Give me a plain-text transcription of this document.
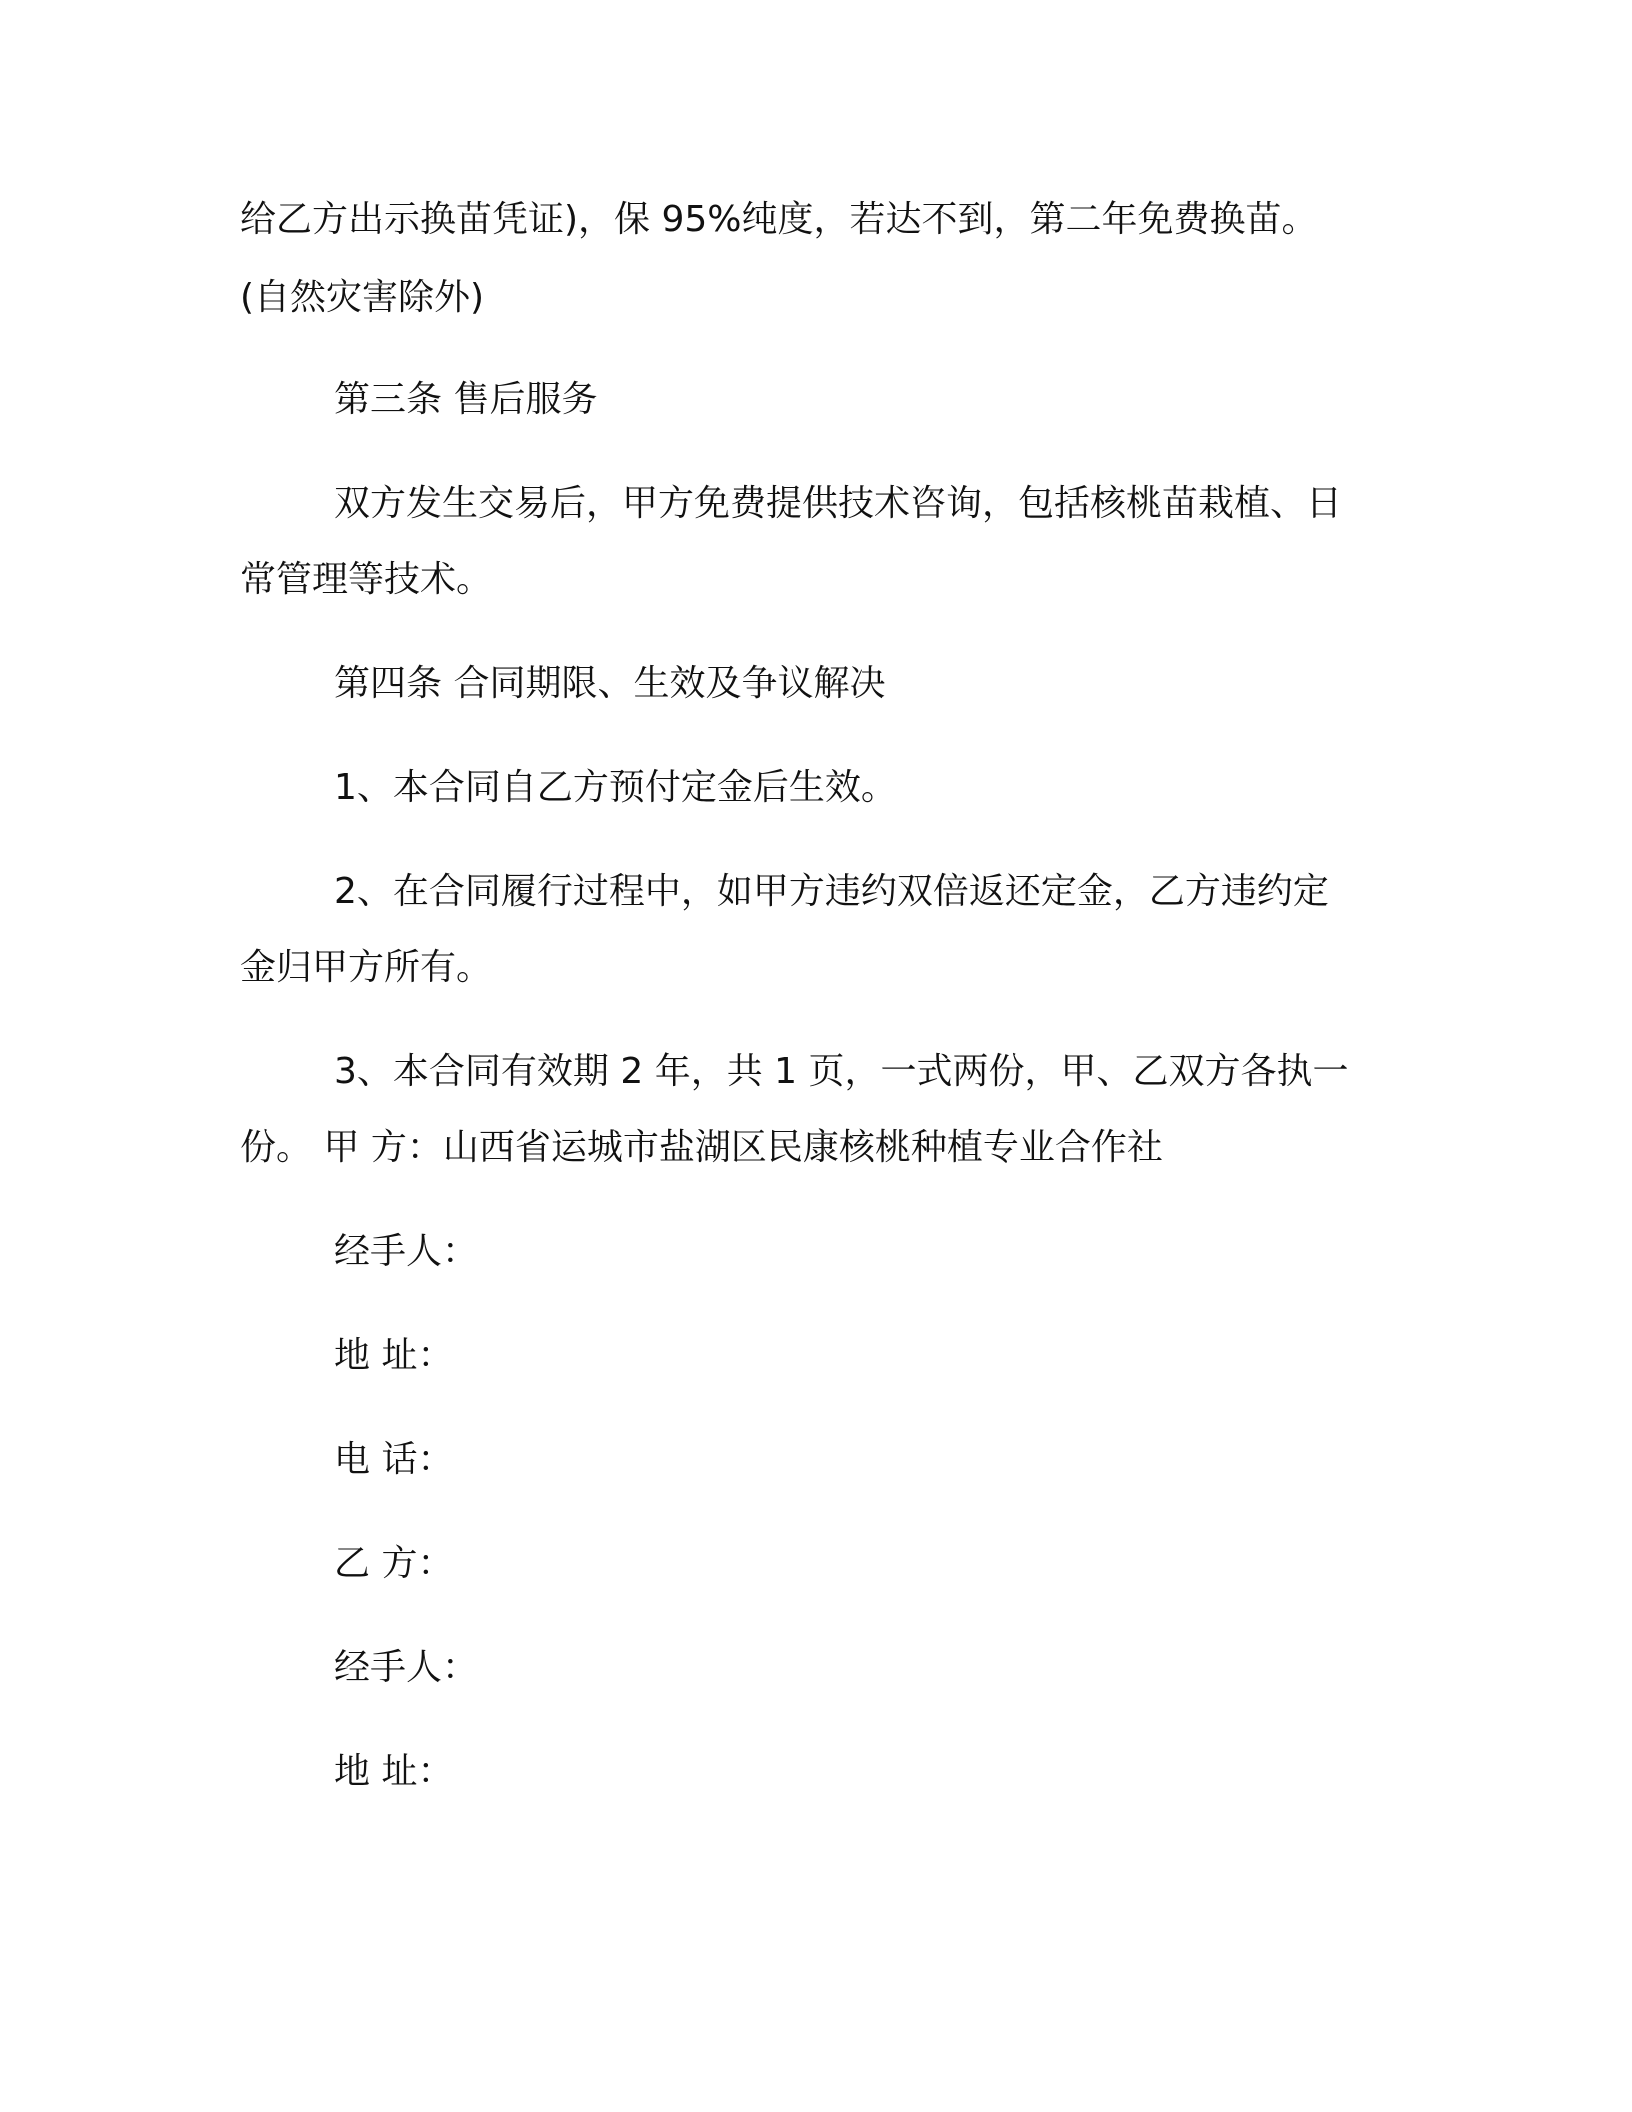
给乙方出示换苗凭证)，保 95%纯度，若达不到，第二年免费换苗。
(自然灾害除外)
第三条 售后服务
双方发生交易后，甲方免费提供技术咨询，包括核桃苗栽植、日
常管理等技术。
第四条 合同期限、生效及争议解决
1、本合同自乙方预付定金后生效。
2、在合同履行过程中，如甲方违约双倍返还定金，乙方违约定
金归甲方所有。
3、本合同有效期 2 年，共 1 页，一式两份，甲、乙双方各执一
份。 甲 方：山西省运城市盐湖区民康核桃种植专业合作社
经手人：
地 址：
电 话：
乙 方：
经手人：
地 址：
